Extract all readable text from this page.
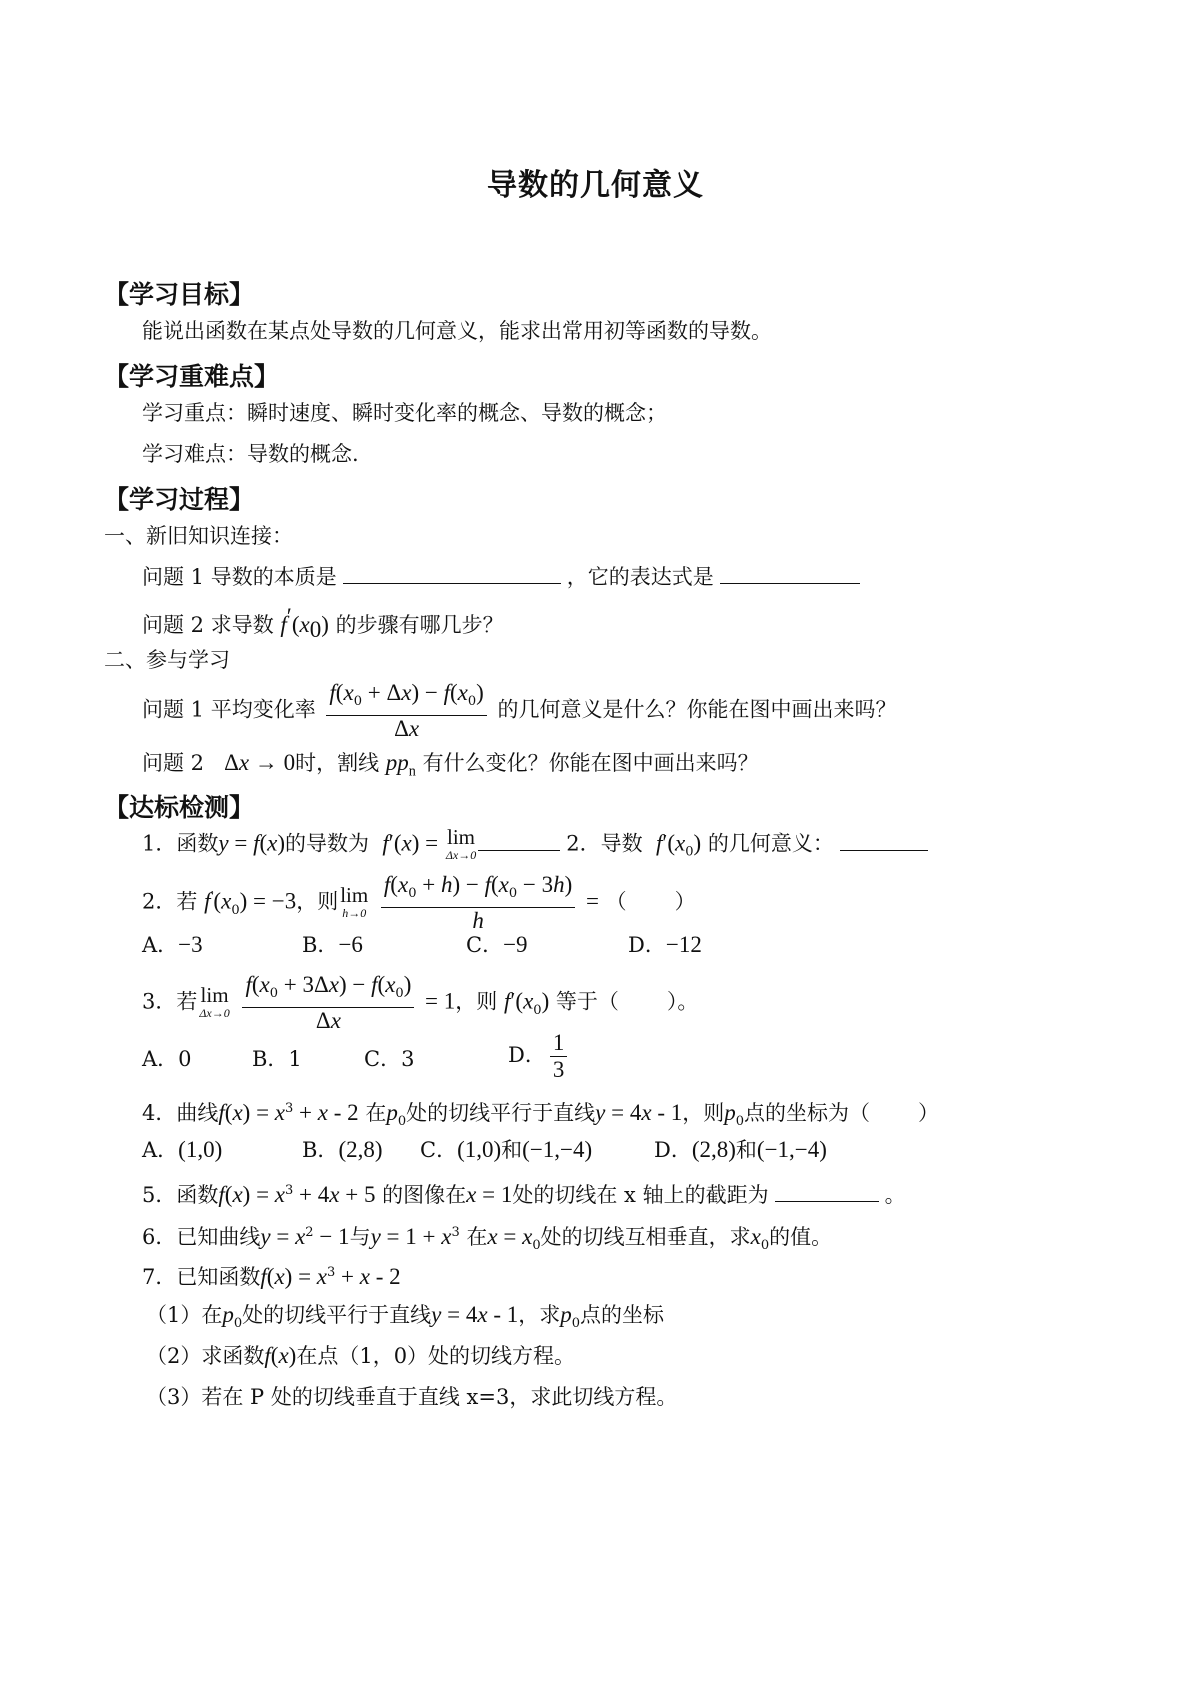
导数的几何意义
【学习目标】
能说出函数在某点处导数的几何意义，能求出常用初等函数的导数。
【学习重难点】
学习重点：瞬时速度、瞬时变化率的概念、导数的概念；
学习难点：导数的概念.
【学习过程】
一、新旧知识连接：
问题 1 导数的本质是	，它的表达式是
问题 2 求导数 $f'(x_0)$ 的步骤有哪几步？
二、参与学习
问题 1 平均变化率 $\frac{f(x_0 + \Delta x) - f(x_0)}{\Delta x}$ 的几何意义是什么？你能在图中画出来吗？
问题 2 Δx → 0时，割线 $pp_n$ 有什么变化？你能在图中画出来吗？
【达标检测】
1．函数y = f(x)的导数为 f′(x) = lim
Δx→0	2．导数 $f'(x_0)$ 的几何意义：
2．若 $f'(x_0) = -3$，则 lim
h→0
$\frac{f(x_0 + h) - f(x_0 - 3h)}{h}$ = （ ）
A．−3	B．−6	C．−9	D．−12
3．若 lim
Δx→0
$\frac{f(x_0 + 3\Delta x) - f(x_0)}{\Delta x} = 1$，则 $f'(x_0)$ 等于（ ）。
A．0	B．1	C．3	D． $\frac{1}{3}$
4．曲线$f(x) = x^3 + x - 2$ 在$p_0$处的切线平行于直线y = 4x - 1，则$p_0$点的坐标为（ ）
A．(1,0)	B．(2,8) C．(1,0)和(−1,−4)	D．(2,8)和(−1,−4)
5．函数$f(x) = x^3 + 4x + 5$ 的图像在x = 1处的切线在 x 轴上的截距为	。
6．已知曲线$y = x^2 - 1$与$y = 1 + x^3$ 在$x = x_0$处的切线互相垂直，求$x_0$的值。
7．已知函数$f(x) = x^3 + x - 2$
（1）在$p_0$处的切线平行于直线y = 4x - 1，求$p_0$点的坐标
（2）求函数f(x)在点（1，0）处的切线方程。
（3）若在 P 处的切线垂直于直线 x=3，求此切线方程。
